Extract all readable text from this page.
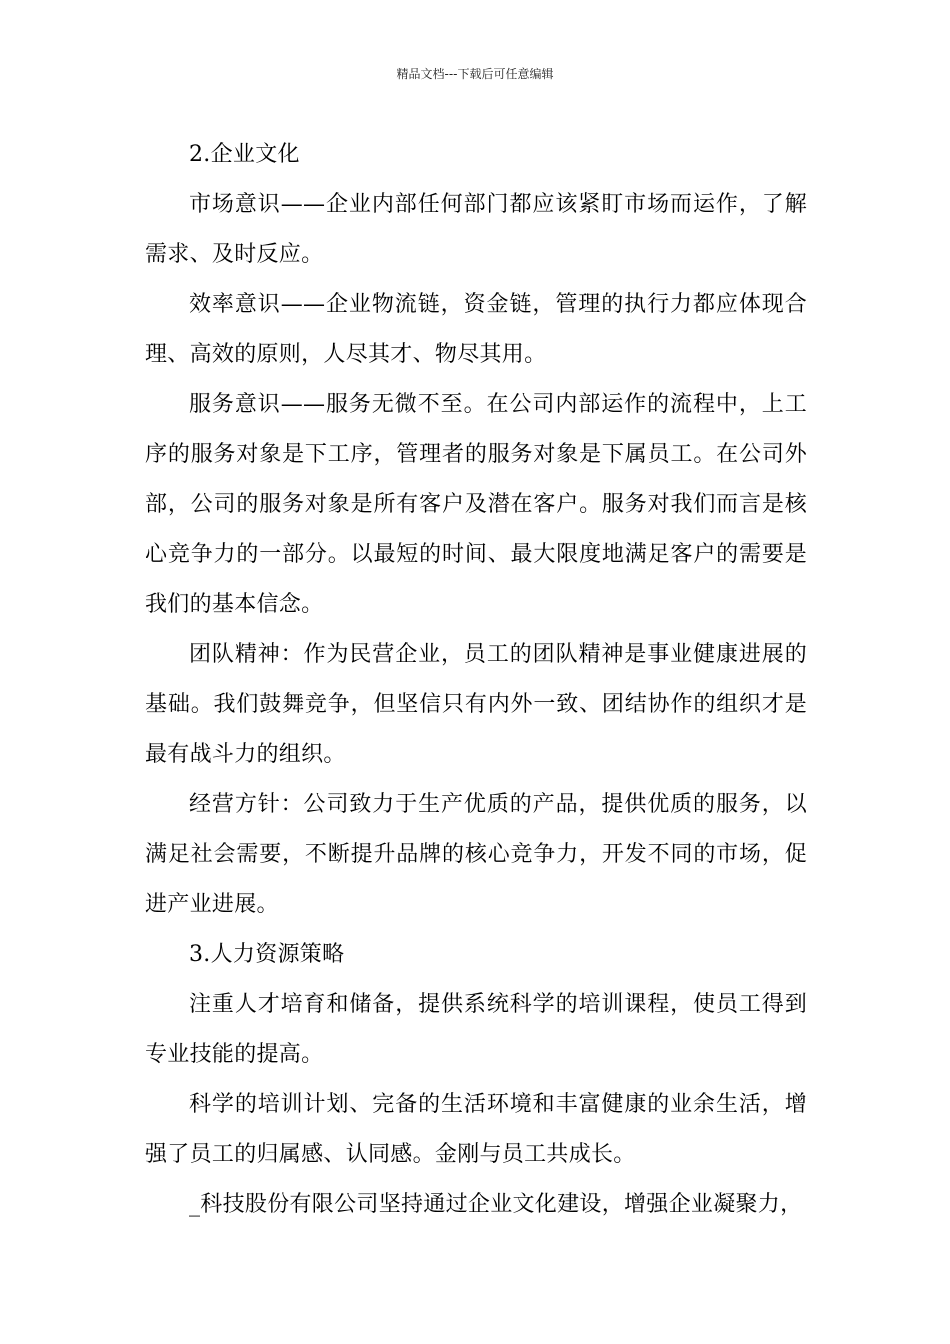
精品文档---下载后可任意编辑

2.企业文化

市场意识——企业内部任何部门都应该紧盯市场而运作，了解需求、及时反应。

效率意识——企业物流链，资金链，管理的执行力都应体现合理、高效的原则，人尽其才、物尽其用。

服务意识——服务无微不至。在公司内部运作的流程中，上工序的服务对象是下工序，管理者的服务对象是下属员工。在公司外部，公司的服务对象是所有客户及潜在客户。服务对我们而言是核心竞争力的一部分。以最短的时间、最大限度地满足客户的需要是我们的基本信念。

团队精神：作为民营企业，员工的团队精神是事业健康进展的基础。我们鼓舞竞争，但坚信只有内外一致、团结协作的组织才是最有战斗力的组织。

经营方针：公司致力于生产优质的产品，提供优质的服务，以满足社会需要，不断提升品牌的核心竞争力，开发不同的市场，促进产业进展。

3.人力资源策略

注重人才培育和储备，提供系统科学的培训课程，使员工得到专业技能的提高。

科学的培训计划、完备的生活环境和丰富健康的业余生活，增强了员工的归属感、认同感。金刚与员工共成长。

_科技股份有限公司坚持通过企业文化建设，增强企业凝聚力，
